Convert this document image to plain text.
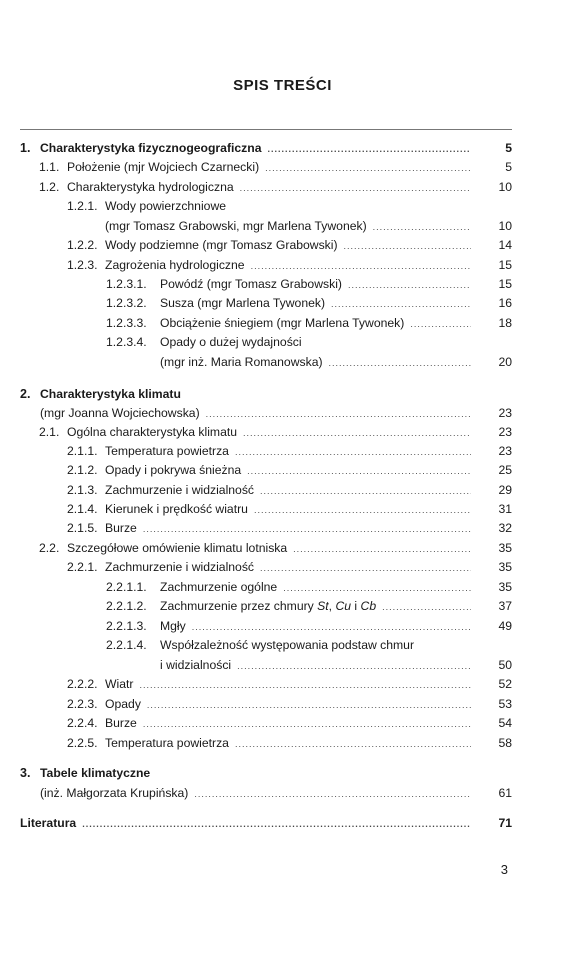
SPIS TREŚCI
1. Charakterystyka fizycznogeograficzna .....	5
1.1. Położenie (mjr Wojciech Czarnecki) .....	5
1.2. Charakterystyka hydrologiczna .....	10
1.2.1. Wody powierzchniowe
(mgr Tomasz Grabowski, mgr Marlena Tywonek) .....	10
1.2.2. Wody podziemne (mgr Tomasz Grabowski) .....	14
1.2.3. Zagrożenia hydrologiczne .....	15
1.2.3.1. Powódź (mgr Tomasz Grabowski) .....	15
1.2.3.2. Susza (mgr Marlena Tywonek) .....	16
1.2.3.3. Obciążenie śniegiem (mgr Marlena Tywonek) .....	18
1.2.3.4. Opady o dużej wydajności
(mgr inż. Maria Romanowska) .....	20
2. Charakterystyka klimatu
(mgr Joanna Wojciechowska) .....	23
2.1. Ogólna charakterystyka klimatu .....	23
2.1.1. Temperatura powietrza .....	23
2.1.2. Opady i pokrywa śnieżna .....	25
2.1.3. Zachmurzenie i widzialność .....	29
2.1.4. Kierunek i prędkość wiatru .....	31
2.1.5. Burze .....	32
2.2. Szczegółowe omówienie klimatu lotniska .....	35
2.2.1. Zachmurzenie i widzialność .....	35
2.2.1.1. Zachmurzenie ogólne .....	35
2.2.1.2. Zachmurzenie przez chmury St, Cu i Cb .....	37
2.2.1.3. Mgły .....	49
2.2.1.4. Współzależność występowania podstaw chmur
i widzialności .....	50
2.2.2. Wiatr .....	52
2.2.3. Opady .....	53
2.2.4. Burze .....	54
2.2.5. Temperatura powietrza .....	58
3. Tabele klimatyczne
(inż. Małgorzata Krupińska) .....	61
Literatura .....	71
3
